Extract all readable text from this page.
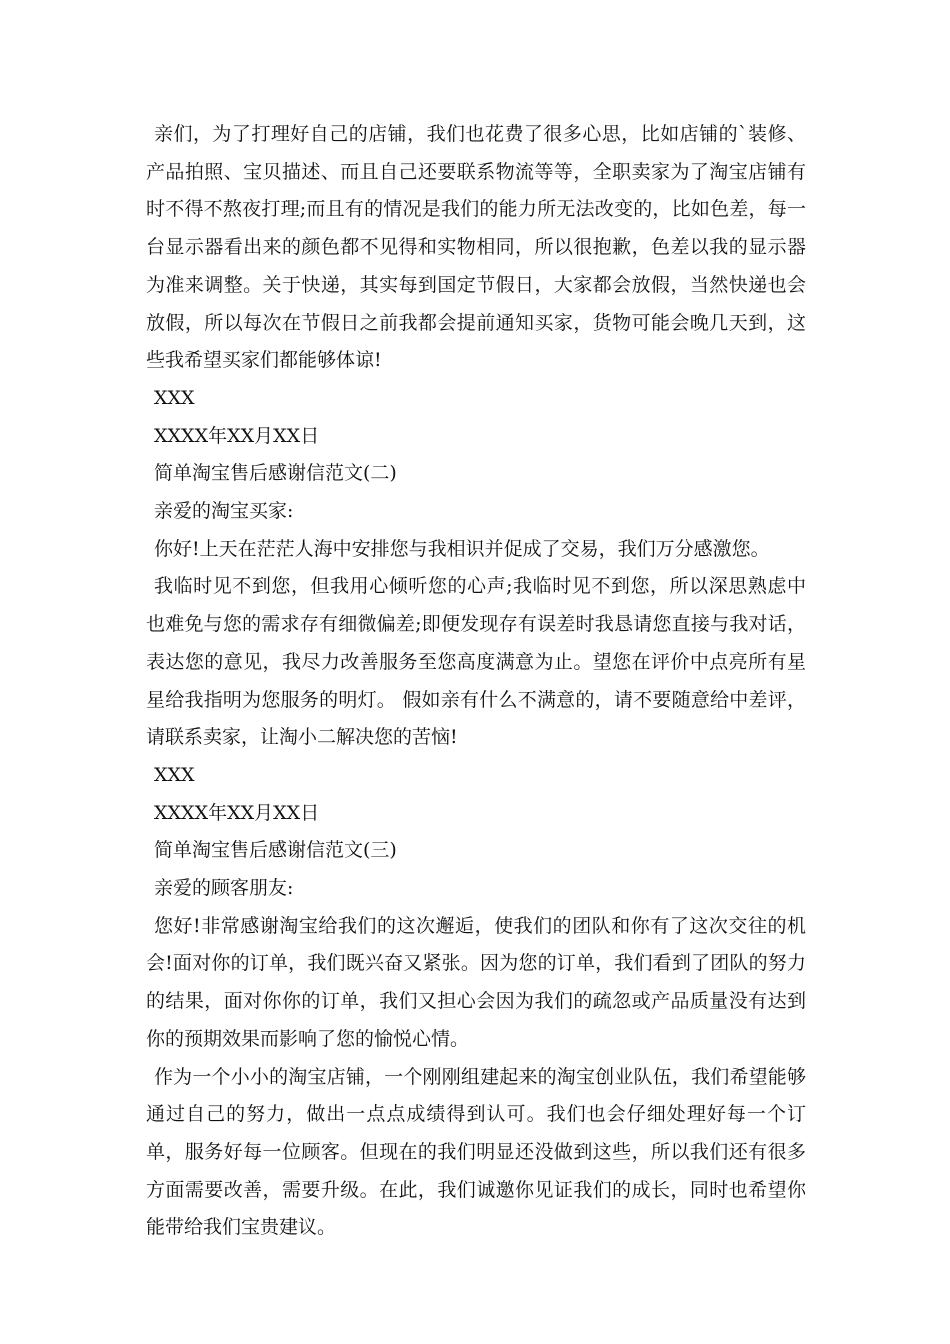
亲们，为了打理好自己的店铺，我们也花费了很多心思，比如店铺的`装修、产品拍照、宝贝描述、而且自己还要联系物流等等，全职卖家为了淘宝店铺有时不得不熬夜打理;而且有的情况是我们的能力所无法改变的，比如色差，每一台显示器看出来的颜色都不见得和实物相同，所以很抱歉，色差以我的显示器为准来调整。关于快递，其实每到国定节假日，大家都会放假，当然快递也会放假，所以每次在节假日之前我都会提前通知买家，货物可能会晚几天到，这些我希望买家们都能够体谅!

XXX

XXXX年XX月XX日

简单淘宝售后感谢信范文(二)

亲爱的淘宝买家:

你好!上天在茫茫人海中安排您与我相识并促成了交易，我们万分感激您。

我临时见不到您，但我用心倾听您的心声;我临时见不到您，所以深思熟虑中也难免与您的需求存有细微偏差;即便发现存有误差时我恳请您直接与我对话，表达您的意见，我尽力改善服务至您高度满意为止。望您在评价中点亮所有星星给我指明为您服务的明灯。 假如亲有什么不满意的，请不要随意给中差评，请联系卖家，让淘小二解决您的苦恼!

XXX

XXXX年XX月XX日

简单淘宝售后感谢信范文(三)

亲爱的顾客朋友:

您好!非常感谢淘宝给我们的这次邂逅，使我们的团队和你有了这次交往的机会!面对你的订单，我们既兴奋又紧张。因为您的订单，我们看到了团队的努力的结果，面对你你的订单，我们又担心会因为我们的疏忽或产品质量没有达到你的预期效果而影响了您的愉悦心情。

作为一个小小的淘宝店铺，一个刚刚组建起来的淘宝创业队伍，我们希望能够通过自己的努力，做出一点点成绩得到认可。我们也会仔细处理好每一个订单，服务好每一位顾客。但现在的我们明显还没做到这些，所以我们还有很多方面需要改善，需要升级。在此，我们诚邀你见证我们的成长，同时也希望你能带给我们宝贵建议。
